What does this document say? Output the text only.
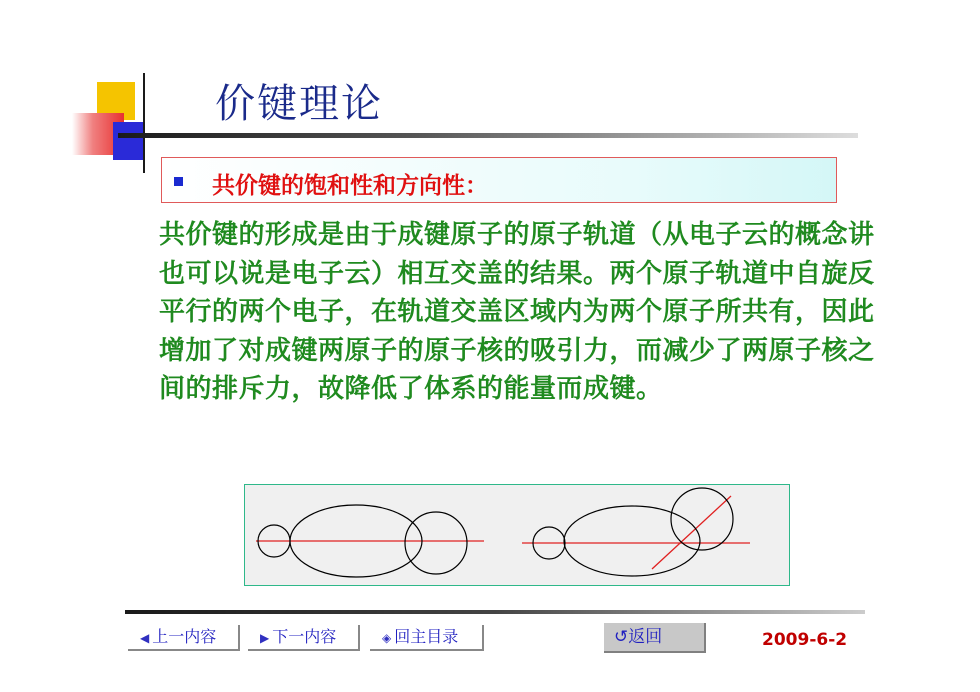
价键理论
共价键的饱和性和方向性：
共价键的形成是由于成键原子的原子轨道（从电子云的概念讲也可以说是电子云）相互交盖的结果。两个原子轨道中自旋反平行的两个电子，在轨道交盖区域内为两个原子所共有，因此增加了对成键两原子的原子核的吸引力，而减少了两原子核之间的排斥力，故降低了体系的能量而成键。
◀ 上一内容	▶ 下一内容	◈ 回主目录	↺返回	2009-6-2
